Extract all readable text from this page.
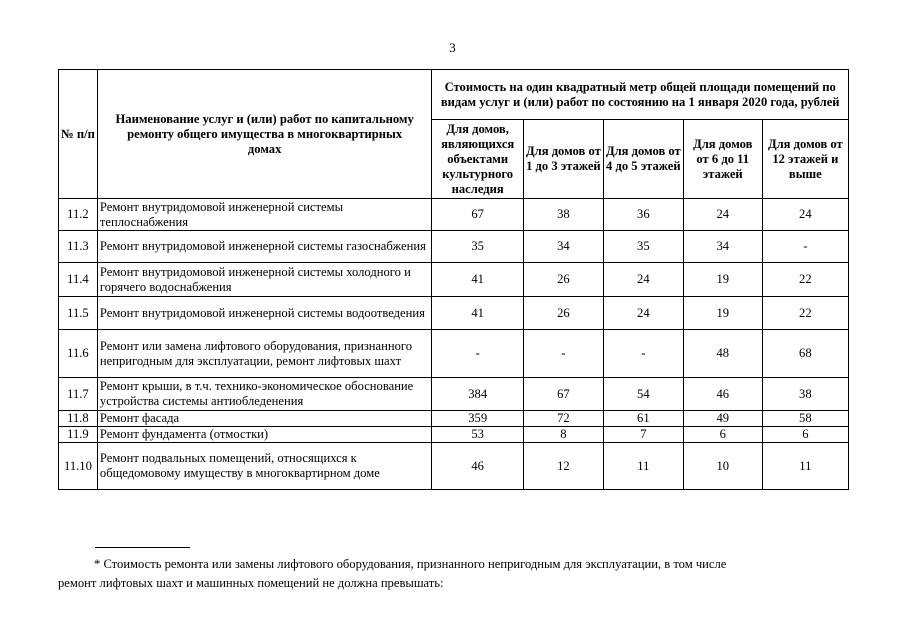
3
№ п/п	Наименование услуг и (или) работ по капитальному ремонту общего имущества в многоквартирных домах	Стоимость на один квадратный метр общей площади помещений по видам услуг и (или) работ по состоянию на 1 января 2020 года, рублей				
		Для домов, являющихся объектами культурного наследия	Для домов от 1 до 3 этажей	Для домов от 4 до 5 этажей	Для домов от 6 до 11 этажей	Для домов от 12 этажей и выше
11.2	Ремонт внутридомовой инженерной системы теплоснабжения	67	38	36	24	24
11.3	Ремонт внутридомовой инженерной системы газоснабжения	35	34	35	34	-
11.4	Ремонт внутридомовой инженерной системы холодного и горячего водоснабжения	41	26	24	19	22
11.5	Ремонт внутридомовой инженерной системы водоотведения	41	26	24	19	22
11.6	Ремонт или замена лифтового оборудования, признанного непригодным для эксплуатации, ремонт лифтовых шахт	-	-	-	48	68
11.7	Ремонт крыши, в т.ч. технико-экономическое обоснование устройства системы антиобледенения	384	67	54	46	38
11.8	Ремонт фасада	359	72	61	49	58
11.9	Ремонт фундамента (отмостки)	53	8	7	6	6
11.10	Ремонт подвальных помещений, относящихся к общедомовому имуществу в многоквартирном доме	46	12	11	10	11
* Стоимость ремонта или замены лифтового оборудования, признанного непригодным для эксплуатации, в том числе
ремонт лифтовых шахт и машинных помещений не должна превышать:
